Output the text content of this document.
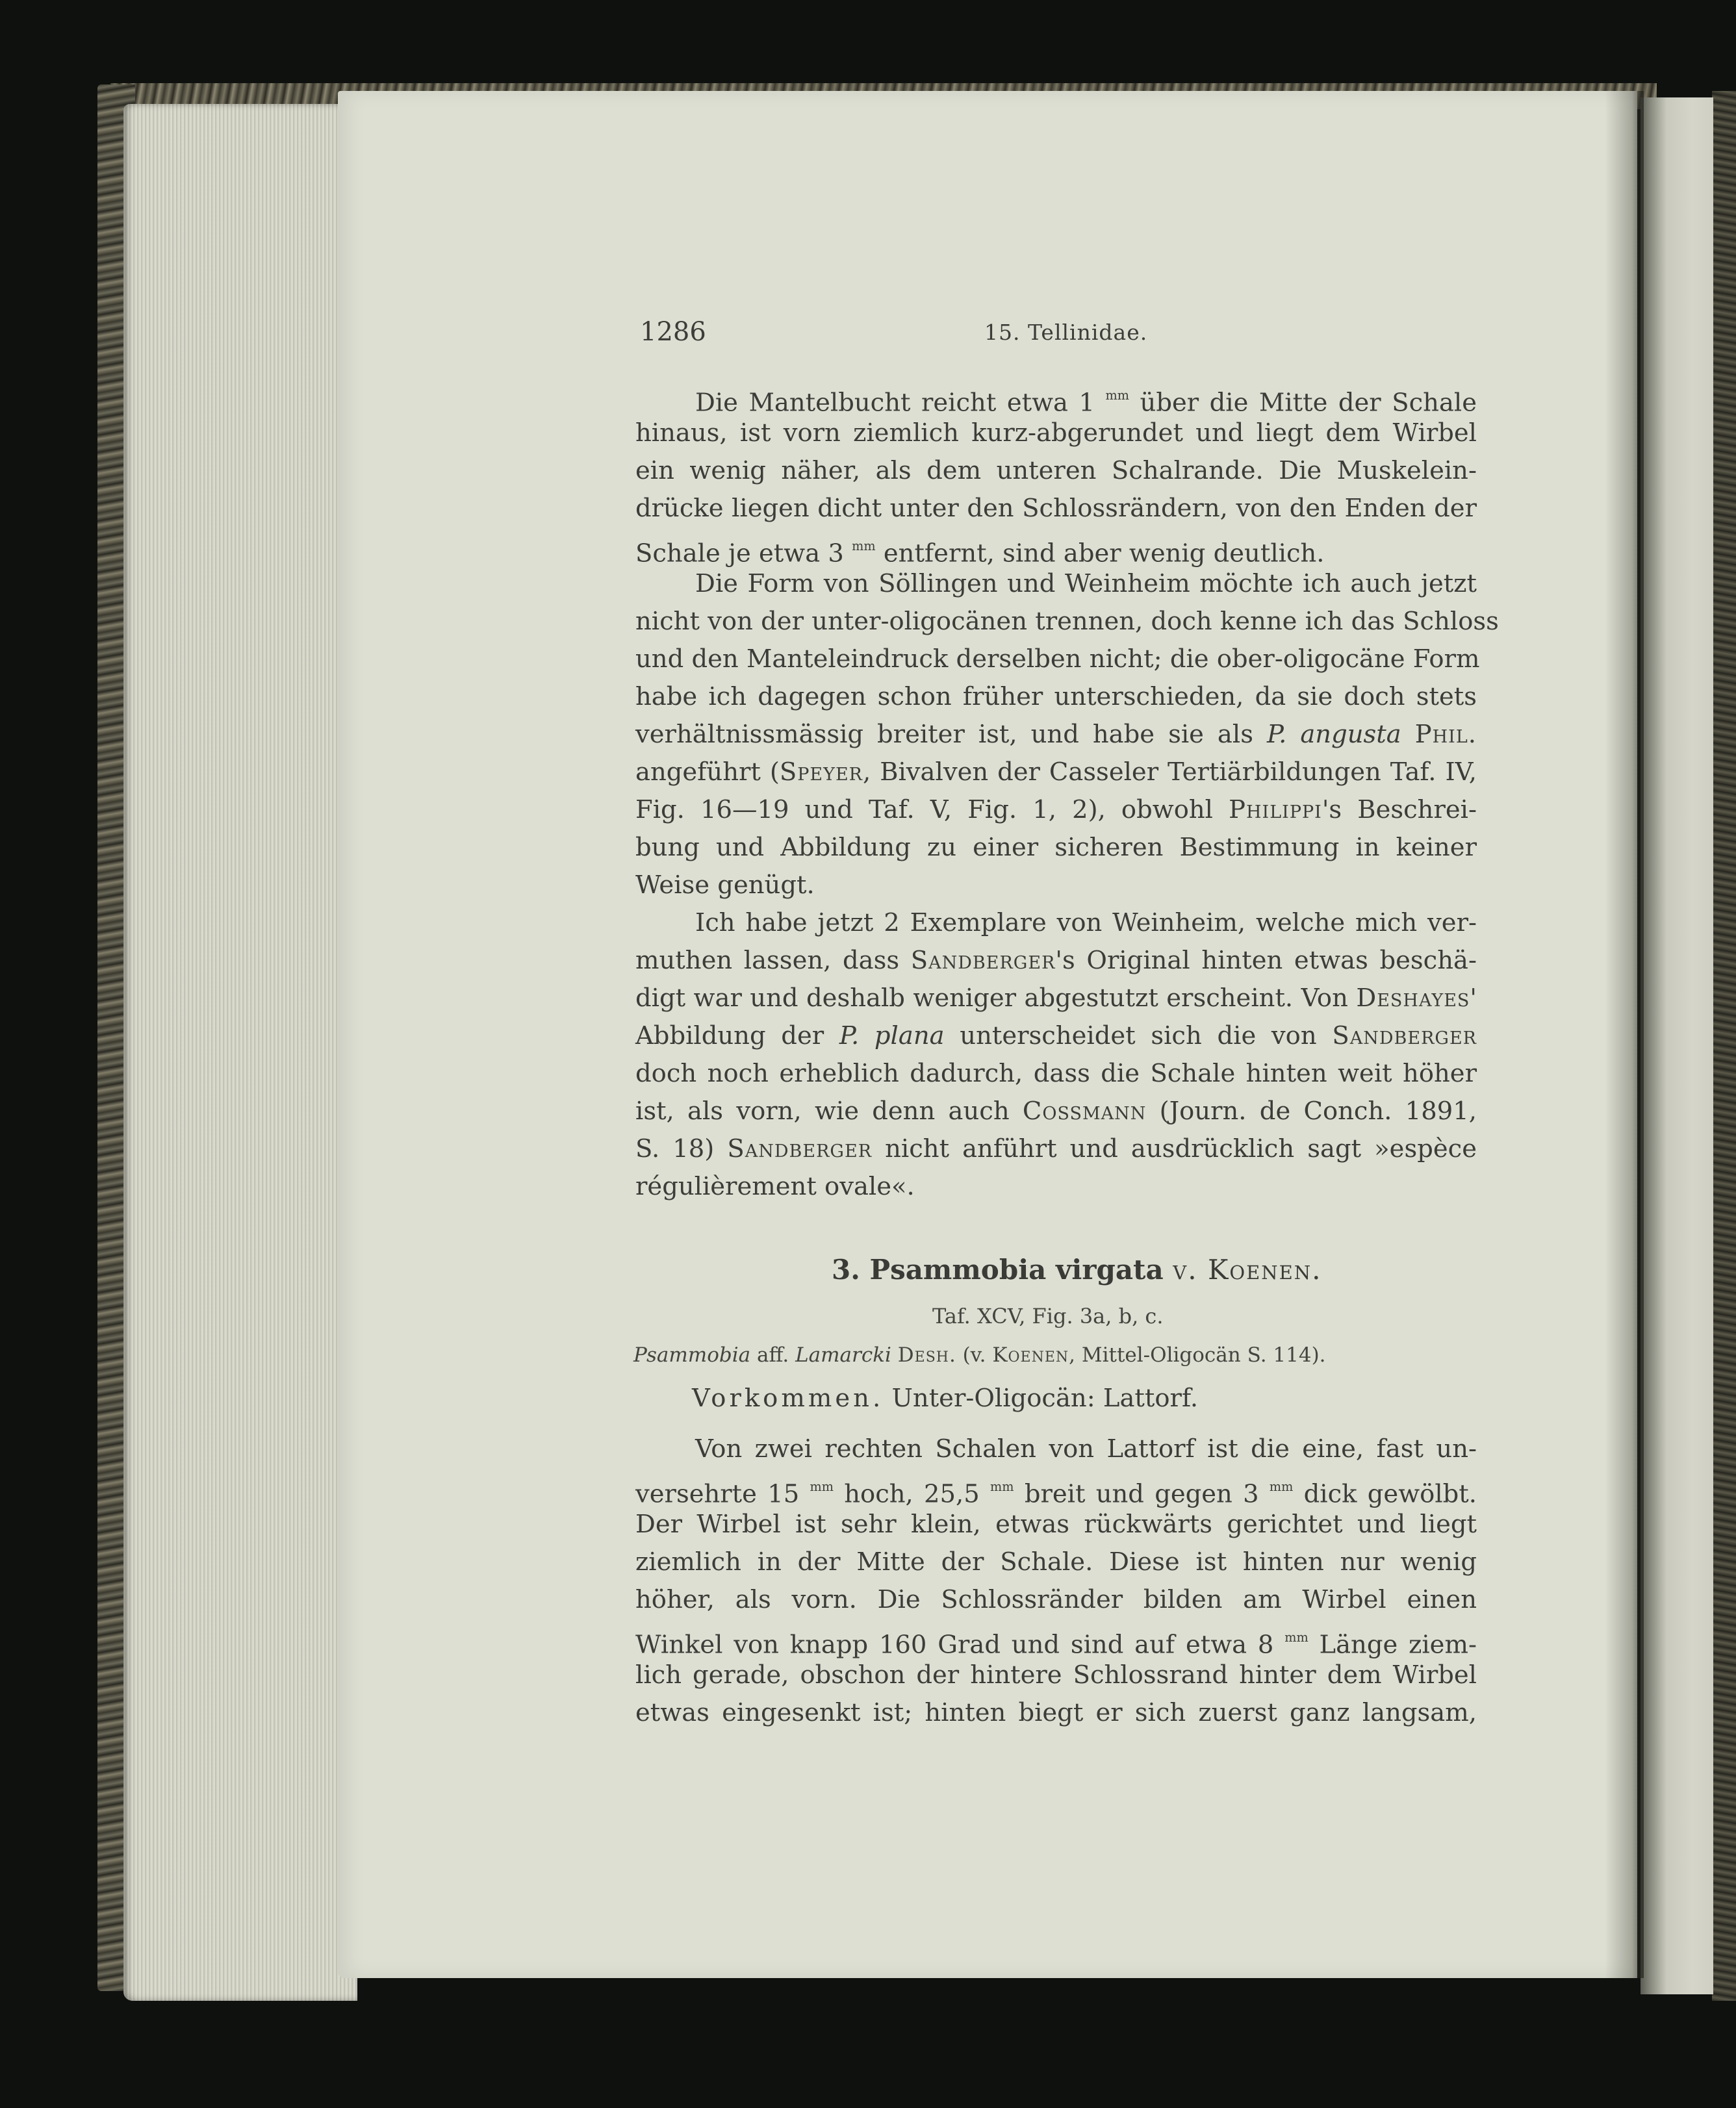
1286	15. Tellinidae.
Die Mantelbucht reicht etwa 1 $^{mm}$ über die Mitte der Schale
hinaus, ist vorn ziemlich kurz-abgerundet und liegt dem Wirbel
ein wenig näher, als dem unteren Schalrande. Die Muskelein-
drücke liegen dicht unter den Schlossrändern, von den Enden der
Schale je etwa 3 $^{mm}$ entfernt, sind aber wenig deutlich.
Die Form von Söllingen und Weinheim möchte ich auch jetzt
nicht von der unter-oligocänen trennen, doch kenne ich das Schloss
und den Manteleindruck derselben nicht; die ober-oligocäne Form
habe ich dagegen schon früher unterschieden, da sie doch stets
verhältnissmässig breiter ist, und habe sie als P. angusta Phil.
angeführt (Speyer, Bivalven der Casseler Tertiärbildungen Taf. IV,
Fig. 16—19 und Taf. V, Fig. 1, 2), obwohl Philippi's Beschrei-
bung und Abbildung zu einer sicheren Bestimmung in keiner
Weise genügt.
Ich habe jetzt 2 Exemplare von Weinheim, welche mich ver-
muthen lassen, dass Sandberger's Original hinten etwas beschä-
digt war und deshalb weniger abgestutzt erscheint. Von Deshayes'
Abbildung der P. plana unterscheidet sich die von Sandberger
doch noch erheblich dadurch, dass die Schale hinten weit höher
ist, als vorn, wie denn auch Cossmann (Journ. de Conch. 1891,
S. 18) Sandberger nicht anführt und ausdrücklich sagt »espèce
régulièrement ovale«.
3. Psammobia virgata v. Koenen.
Taf. XCV, Fig. 3a, b, c.
Psammobia aff. Lamarcki Desh. (v. Koenen, Mittel-Oligocän S. 114).
Vorkommen. Unter-Oligocän: Lattorf.
Von zwei rechten Schalen von Lattorf ist die eine, fast un-
versehrte 15 $^{mm}$ hoch, 25,5 $^{mm}$ breit und gegen 3 $^{mm}$ dick gewölbt.
Der Wirbel ist sehr klein, etwas rückwärts gerichtet und liegt
ziemlich in der Mitte der Schale. Diese ist hinten nur wenig
höher, als vorn. Die Schlossränder bilden am Wirbel einen
Winkel von knapp 160 Grad und sind auf etwa 8 $^{mm}$ Länge ziem-
lich gerade, obschon der hintere Schlossrand hinter dem Wirbel
etwas eingesenkt ist; hinten biegt er sich zuerst ganz langsam,
